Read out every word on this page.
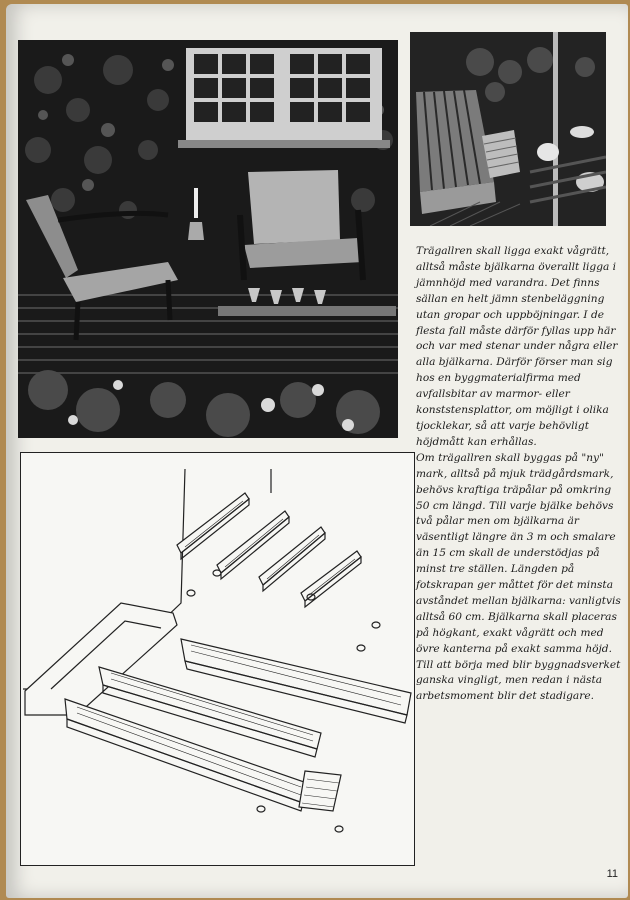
Trägallren skall ligga exakt vågrätt, alltså måste bjälkarna överallt ligga i jämnhöjd med varandra. Det finns sällan en helt jämn stenbeläggning utan gropar och uppböjningar. I de flesta fall måste därför fyllas upp här och var med stenar under några eller alla bjälkarna. Därför förser man sig hos en byggmaterialfirma med avfallsbitar av marmor- eller konststensplattor, om möjligt i olika tjocklekar, så att varje behövligt höjdmått kan erhållas.

Om trägallren skall byggas på "ny" mark, alltså på mjuk trädgårdsmark, behövs kraftiga träpålar på omkring 50 cm längd. Till varje bjälke behövs två pålar men om bjälkarna är väsentligt längre än 3 m och smalare än 15 cm skall de understödjas på minst tre ställen. Längden på fotskrapan ger måttet för det minsta avståndet mellan bjälkarna: vanligtvis alltså 60 cm. Bjälkarna skall placeras på högkant, exakt vågrätt och med övre kanterna på exakt samma höjd. Till att börja med blir byggnadsverket ganska vingligt, men redan i nästa arbetsmoment blir det stadigare.

11
